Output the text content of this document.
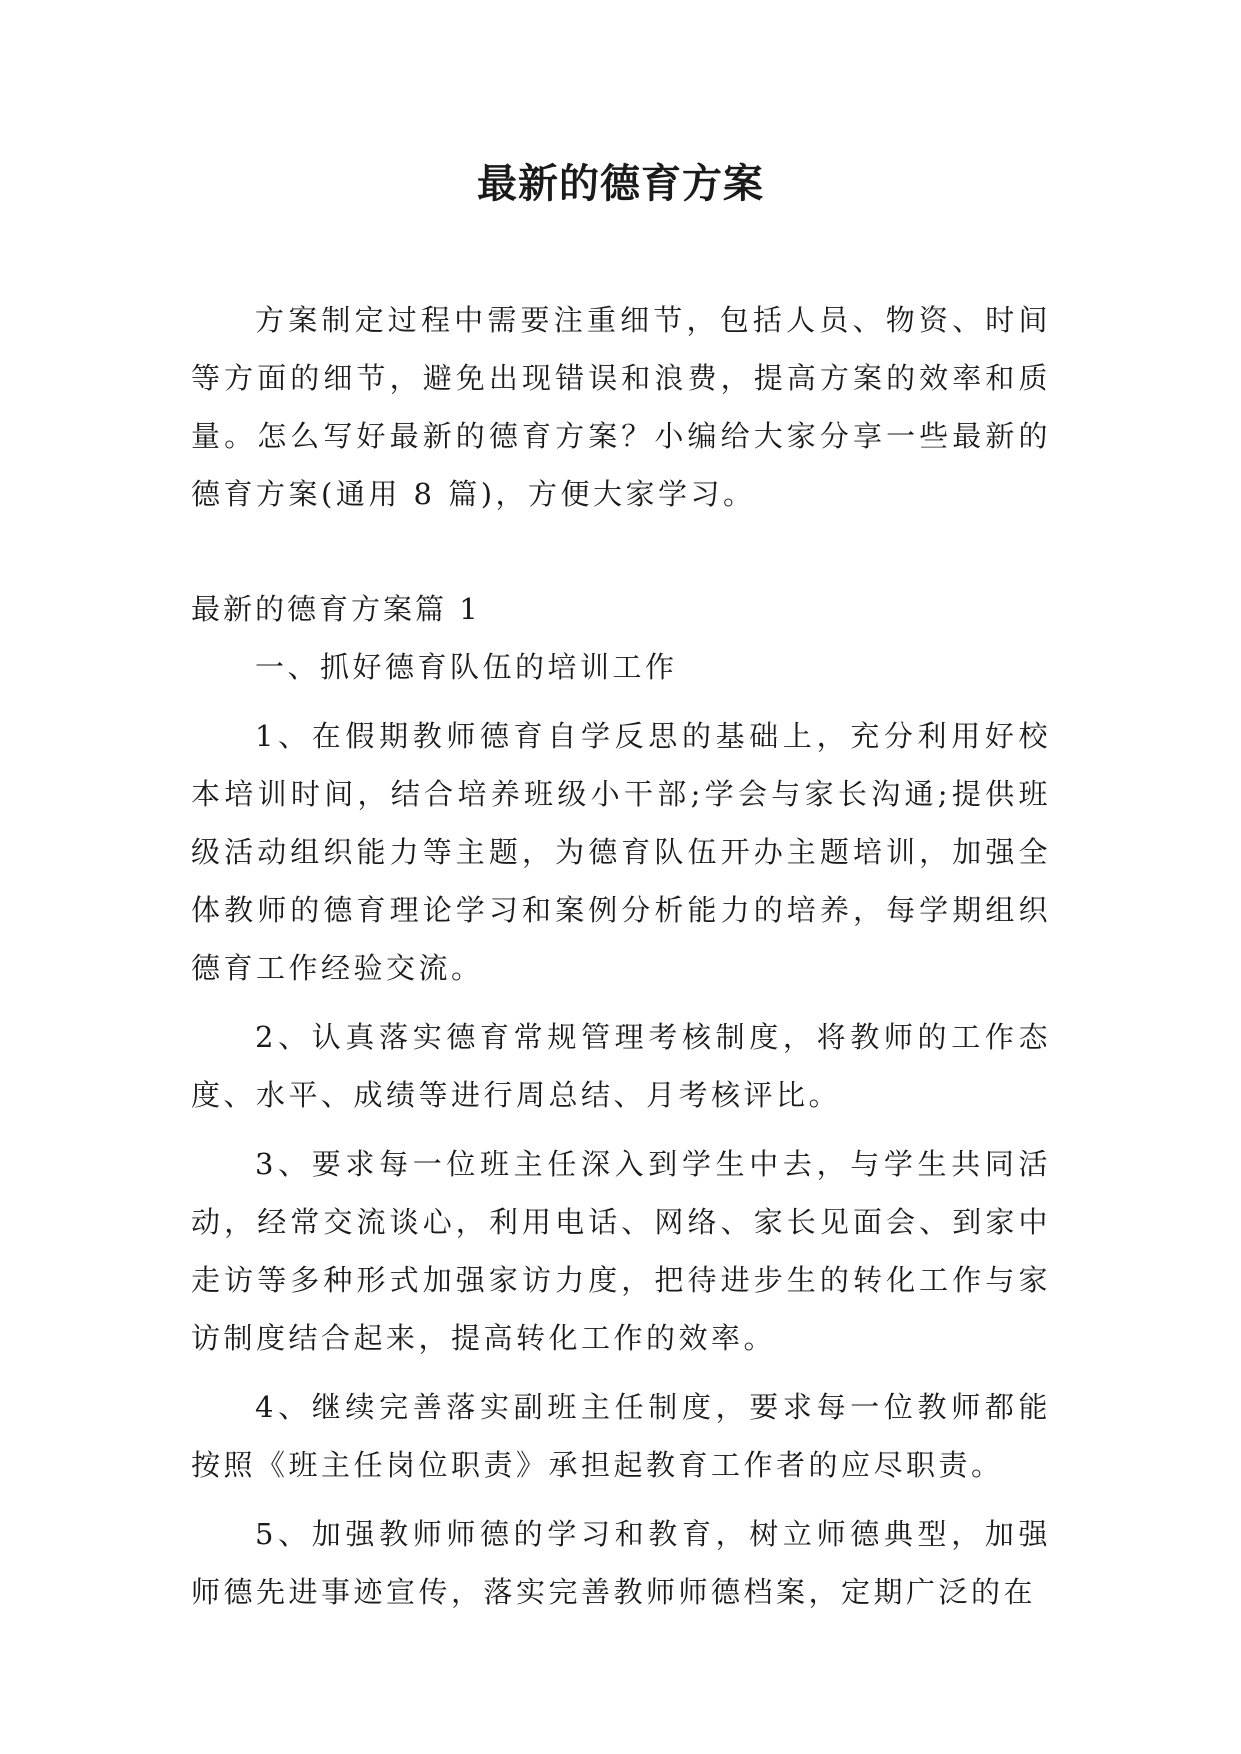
最新的德育方案

方案制定过程中需要注重细节，包括人员、物资、时间等方面的细节，避免出现错误和浪费，提高方案的效率和质量。怎么写好最新的德育方案？小编给大家分享一些最新的德育方案(通用 8 篇)，方便大家学习。

最新的德育方案篇 1

一、抓好德育队伍的培训工作

1、在假期教师德育自学反思的基础上，充分利用好校本培训时间，结合培养班级小干部;学会与家长沟通;提供班级活动组织能力等主题，为德育队伍开办主题培训，加强全体教师的德育理论学习和案例分析能力的培养，每学期组织德育工作经验交流。

2、认真落实德育常规管理考核制度，将教师的工作态度、水平、成绩等进行周总结、月考核评比。

3、要求每一位班主任深入到学生中去，与学生共同活动，经常交流谈心，利用电话、网络、家长见面会、到家中走访等多种形式加强家访力度，把待进步生的转化工作与家访制度结合起来，提高转化工作的效率。

4、继续完善落实副班主任制度，要求每一位教师都能按照《班主任岗位职责》承担起教育工作者的应尽职责。

5、加强教师师德的学习和教育，树立师德典型，加强师德先进事迹宣传，落实完善教师师德档案，定期广泛的在
